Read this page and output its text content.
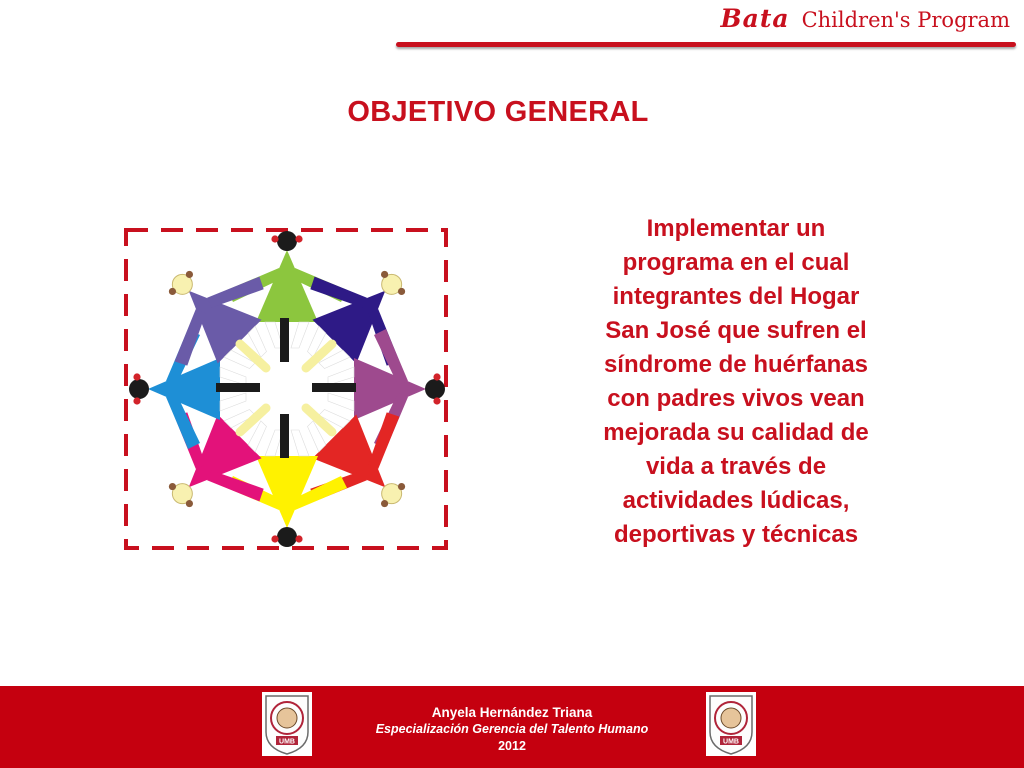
Bata Children's Program
OBJETIVO GENERAL
Implementar un
programa en el cual
integrantes del Hogar
San José que sufren el
síndrome de huérfanas
con padres vivos vean
mejorada su calidad de
vida a través de
actividades lúdicas,
deportivas y técnicas
UMB
Anyela Hernández Triana
Especialización Gerencia del Talento Humano
2012	UMB
